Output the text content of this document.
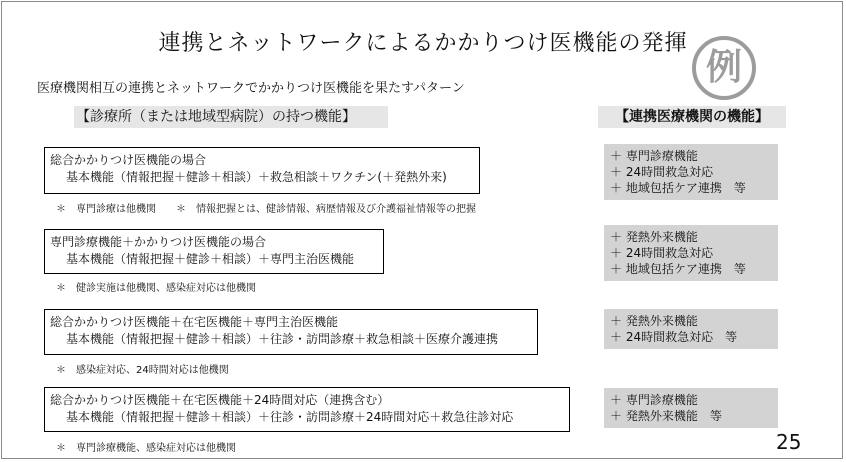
連携とネットワークによるかかりつけ医機能の発揮
例
医療機関相互の連携とネットワークでかかりつけ医機能を果たすパターン
【診療所（または地域型病院）の持つ機能】	【連携医療機関の機能】
総合かかりつけ医機能の場合
基本機能（情報把握＋健診＋相談）＋救急相談＋ワクチン(＋発熱外来)
＊　専門診療は他機関　　＊　情報把握とは、健診情報、病歴情報及び介護福祉情報等の把握
＋ 専門診療機能
＋ 24時間救急対応
＋ 地域包括ケア連携　等
専門診療機能＋かかりつけ医機能の場合
基本機能（情報把握＋健診＋相談）＋専門主治医機能
＊　健診実施は他機関、感染症対応は他機関
＋ 発熱外来機能
＋ 24時間救急対応
＋ 地域包括ケア連携　等
総合かかりつけ医機能＋在宅医機能＋専門主治医機能
基本機能（情報把握＋健診＋相談）＋往診・訪問診療＋救急相談＋医療介護連携
＊　感染症対応、24時間対応は他機関
＋ 発熱外来機能
＋ 24時間救急対応　等
総合かかりつけ医機能＋在宅医機能＋24時間対応（連携含む）
基本機能（情報把握＋健診＋相談）＋往診・訪問診療＋24時間対応＋救急往診対応
＊　専門診療機能、感染症対応は他機関
＋ 専門診療機能
＋ 発熱外来機能　等
25
